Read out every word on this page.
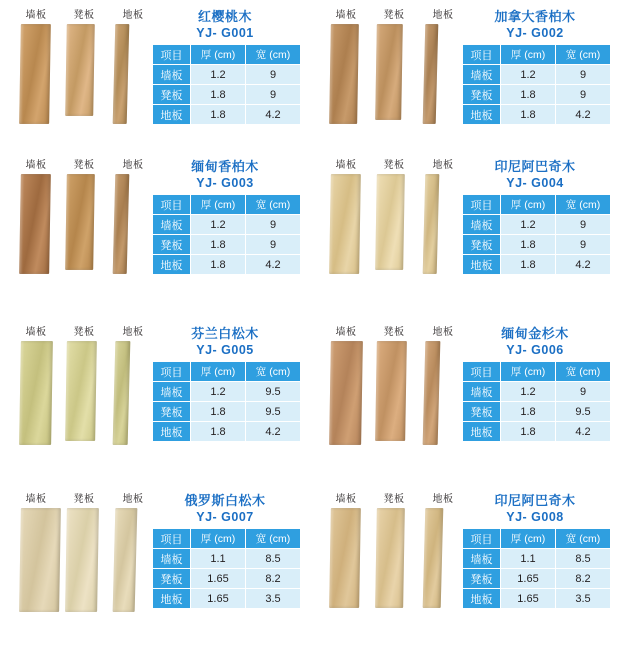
墙板	凳板	地板	红樱桃木
YJ- G001
项目	厚 (cm)	宽 (cm)
墙板	1.2	9
凳板	1.8	9
地板	1.8	4.2
墙板	凳板	地板	加拿大香柏木
YJ- G002
项目	厚 (cm)	宽 (cm)
墙板	1.2	9
凳板	1.8	9
地板	1.8	4.2
墙板	凳板	地板	缅甸香柏木
YJ- G003
项目	厚 (cm)	宽 (cm)
墙板	1.2	9
凳板	1.8	9
地板	1.8	4.2
墙板	凳板	地板	印尼阿巴奇木
YJ- G004
项目	厚 (cm)	宽 (cm)
墙板	1.2	9
凳板	1.8	9
地板	1.8	4.2
墙板	凳板	地板	芬兰白松木
YJ- G005
项目	厚 (cm)	宽 (cm)
墙板	1.2	9.5
凳板	1.8	9.5
地板	1.8	4.2
墙板	凳板	地板	缅甸金杉木
YJ- G006
项目	厚 (cm)	宽 (cm)
墙板	1.2	9
凳板	1.8	9.5
地板	1.8	4.2
墙板	凳板	地板	俄罗斯白松木
YJ- G007
项目	厚 (cm)	宽 (cm)
墙板	1.1	8.5
凳板	1.65	8.2
地板	1.65	3.5
墙板	凳板	地板	印尼阿巴奇木
YJ- G008
项目	厚 (cm)	宽 (cm)
墙板	1.1	8.5
凳板	1.65	8.2
地板	1.65	3.5
